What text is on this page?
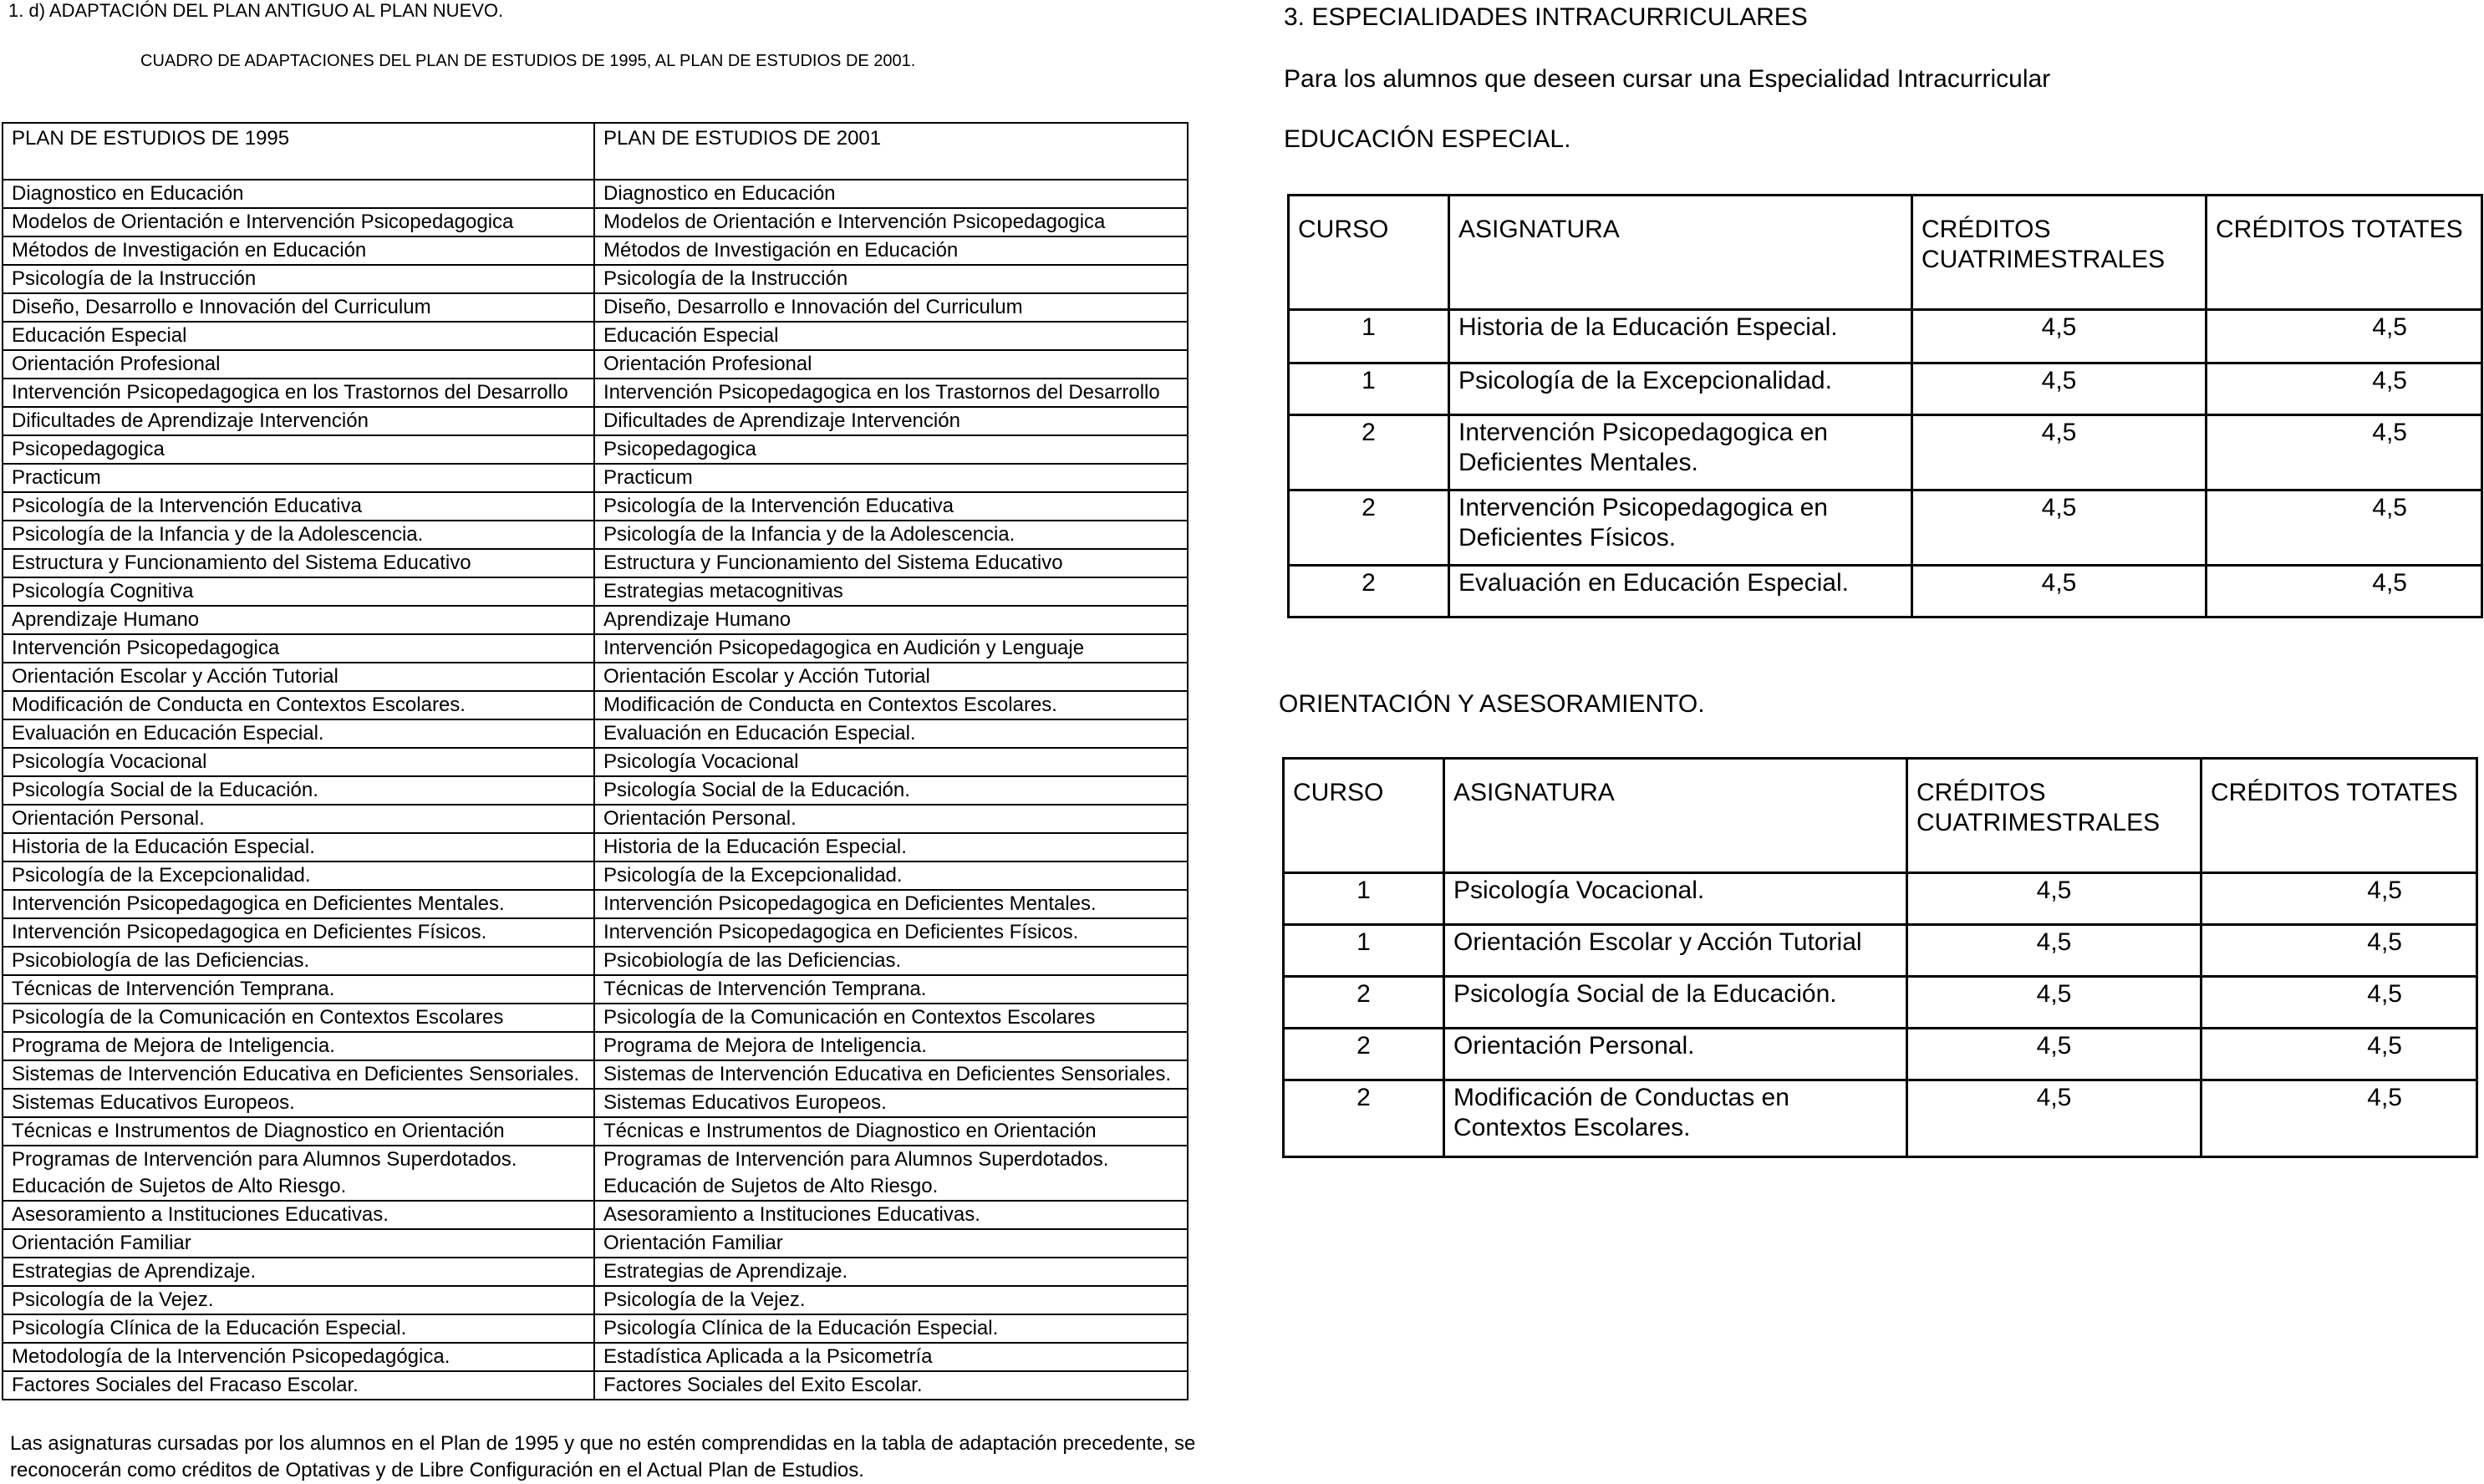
1. d) ADAPTACIÓN DEL PLAN ANTIGUO AL PLAN NUEVO.
CUADRO DE ADAPTACIONES DEL PLAN DE ESTUDIOS DE 1995, AL PLAN DE ESTUDIOS DE 2001.
PLAN DE ESTUDIOS DE 1995	PLAN DE ESTUDIOS DE 2001
Diagnostico en Educación	Diagnostico en Educación
Modelos de Orientación e Intervención Psicopedagogica	Modelos de Orientación e Intervención Psicopedagogica
Métodos de Investigación en Educación	Métodos de Investigación en Educación
Psicología de la Instrucción	Psicología de la Instrucción
Diseño, Desarrollo e Innovación del Curriculum	Diseño, Desarrollo e Innovación del Curriculum
Educación Especial	Educación Especial
Orientación Profesional	Orientación Profesional
Intervención Psicopedagogica en los Trastornos del Desarrollo	Intervención Psicopedagogica en los Trastornos del Desarrollo
Dificultades de Aprendizaje Intervención	Dificultades de Aprendizaje Intervención
Psicopedagogica	Psicopedagogica
Practicum	Practicum
Psicología de la Intervención Educativa	Psicología de la Intervención Educativa
Psicología de la Infancia y de la Adolescencia.	Psicología de la Infancia y de la Adolescencia.
Estructura y Funcionamiento del Sistema Educativo	Estructura y Funcionamiento del Sistema Educativo
Psicología Cognitiva	Estrategias metacognitivas
Aprendizaje Humano	Aprendizaje Humano
Intervención Psicopedagogica	Intervención Psicopedagogica en Audición y Lenguaje
Orientación Escolar y Acción Tutorial	Orientación Escolar y Acción Tutorial
Modificación de Conducta en Contextos Escolares.	Modificación de Conducta en Contextos Escolares.
Evaluación en Educación Especial.	Evaluación en Educación Especial.
Psicología Vocacional	Psicología Vocacional
Psicología Social de la Educación.	Psicología Social de la Educación.
Orientación Personal.	Orientación Personal.
Historia de la Educación Especial.	Historia de la Educación Especial.
Psicología de la Excepcionalidad.	Psicología de la Excepcionalidad.
Intervención Psicopedagogica en Deficientes Mentales.	Intervención Psicopedagogica en Deficientes Mentales.
Intervención Psicopedagogica en Deficientes Físicos.	Intervención Psicopedagogica en Deficientes Físicos.
Psicobiología de las Deficiencias.	Psicobiología de las Deficiencias.
Técnicas de Intervención Temprana.	Técnicas de Intervención Temprana.
Psicología de la Comunicación en Contextos Escolares	Psicología de la Comunicación en Contextos Escolares
Programa de Mejora de Inteligencia.	Programa de Mejora de Inteligencia.
Sistemas de Intervención Educativa en Deficientes Sensoriales.	Sistemas de Intervención Educativa en Deficientes Sensoriales.
Sistemas Educativos Europeos.	Sistemas Educativos Europeos.
Técnicas e Instrumentos de Diagnostico en Orientación	Técnicas e Instrumentos de Diagnostico en Orientación
Programas de Intervención para Alumnos Superdotados. Educación de Sujetos de Alto Riesgo.	Programas de Intervención para Alumnos Superdotados. Educación de Sujetos de Alto Riesgo.
Asesoramiento a Instituciones Educativas.	Asesoramiento a Instituciones Educativas.
Orientación Familiar	Orientación Familiar
Estrategias de Aprendizaje.	Estrategias de Aprendizaje.
Psicología de la Vejez.	Psicología de la Vejez.
Psicología Clínica de la Educación Especial.	Psicología Clínica de la Educación Especial.
Metodología de la Intervención Psicopedagógica.	Estadística Aplicada a la Psicometría
Factores Sociales del Fracaso Escolar.	Factores Sociales del Exito Escolar.
Las asignaturas cursadas por los alumnos en el Plan de 1995 y que no estén comprendidas en la tabla de adaptación precedente, se reconocerán como créditos de Optativas y de Libre Configuración en el Actual Plan de Estudios.
3. ESPECIALIDADES INTRACURRICULARES
Para los alumnos que deseen cursar una Especialidad Intracurricular
EDUCACIÓN ESPECIAL.
CURSO	ASIGNATURA	CRÉDITOS CUATRIMESTRALES	CRÉDITOS TOTATES
1	Historia de la Educación Especial.	4,5	4,5
1	Psicología de la Excepcionalidad.	4,5	4,5
2	Intervención Psicopedagogica en Deficientes Mentales.	4,5	4,5
2	Intervención Psicopedagogica en Deficientes Físicos.	4,5	4,5
2	Evaluación en Educación Especial.	4,5	4,5
ORIENTACIÓN Y ASESORAMIENTO.
CURSO	ASIGNATURA	CRÉDITOS CUATRIMESTRALES	CRÉDITOS TOTATES
1	Psicología Vocacional.	4,5	4,5
1	Orientación Escolar y Acción Tutorial	4,5	4,5
2	Psicología Social de la Educación.	4,5	4,5
2	Orientación Personal.	4,5	4,5
2	Modificación de Conductas en Contextos Escolares.	4,5	4,5
